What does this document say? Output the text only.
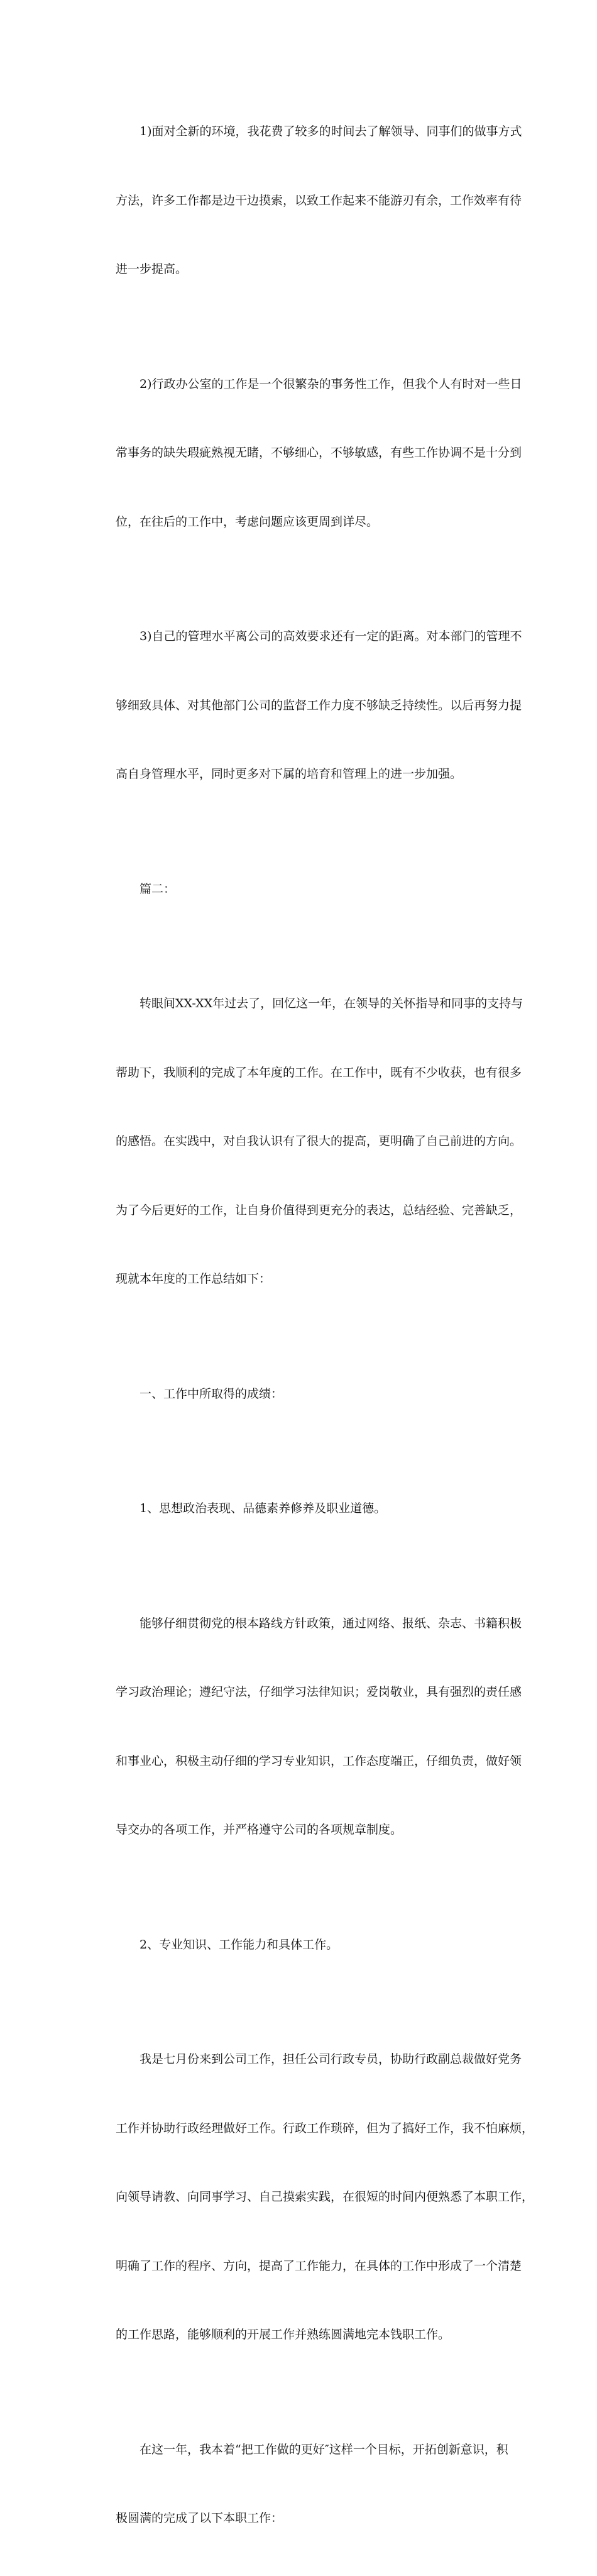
1)面对全新的环境，我花费了较多的时间去了解领导、同事们的做事方式

方法，许多工作都是边干边摸索，以致工作起来不能游刃有余，工作效率有待

进一步提高。

2)行政办公室的工作是一个很繁杂的事务性工作，但我个人有时对一些日

常事务的缺失瑕疵熟视无睹，不够细心，不够敏感，有些工作协调不是十分到

位，在往后的工作中，考虑问题应该更周到详尽。

3)自己的管理水平离公司的高效要求还有一定的距离。对本部门的管理不

够细致具体、对其他部门公司的监督工作力度不够缺乏持续性。以后再努力提

高自身管理水平，同时更多对下属的培育和管理上的进一步加强。

篇二：

转眼间XX-XX年过去了，回忆这一年，在领导的关怀指导和同事的支持与

帮助下，我顺利的完成了本年度的工作。在工作中，既有不少收获，也有很多

的感悟。在实践中，对自我认识有了很大的提高，更明确了自己前进的方向。

为了今后更好的工作，让自身价值得到更充分的表达，总结经验、完善缺乏，

现就本年度的工作总结如下：

一、工作中所取得的成绩：

1、思想政治表现、品德素养修养及职业道德。

能够仔细贯彻党的根本路线方针政策，通过网络、报纸、杂志、书籍积极

学习政治理论；遵纪守法，仔细学习法律知识；爱岗敬业，具有强烈的责任感

和事业心，积极主动仔细的学习专业知识，工作态度端正，仔细负责，做好领

导交办的各项工作，并严格遵守公司的各项规章制度。

2、专业知识、工作能力和具体工作。

我是七月份来到公司工作，担任公司行政专员，协助行政副总裁做好党务

工作并协助行政经理做好工作。行政工作琐碎，但为了搞好工作，我不怕麻烦，

向领导请教、向同事学习、自己摸索实践，在很短的时间内便熟悉了本职工作，

明确了工作的程序、方向，提高了工作能力，在具体的工作中形成了一个清楚

的工作思路，能够顺利的开展工作并熟练圆满地完本钱职工作。

在这一年，我本着“把工作做的更好″这样一个目标，开拓创新意识，积

极圆满的完成了以下本职工作：
